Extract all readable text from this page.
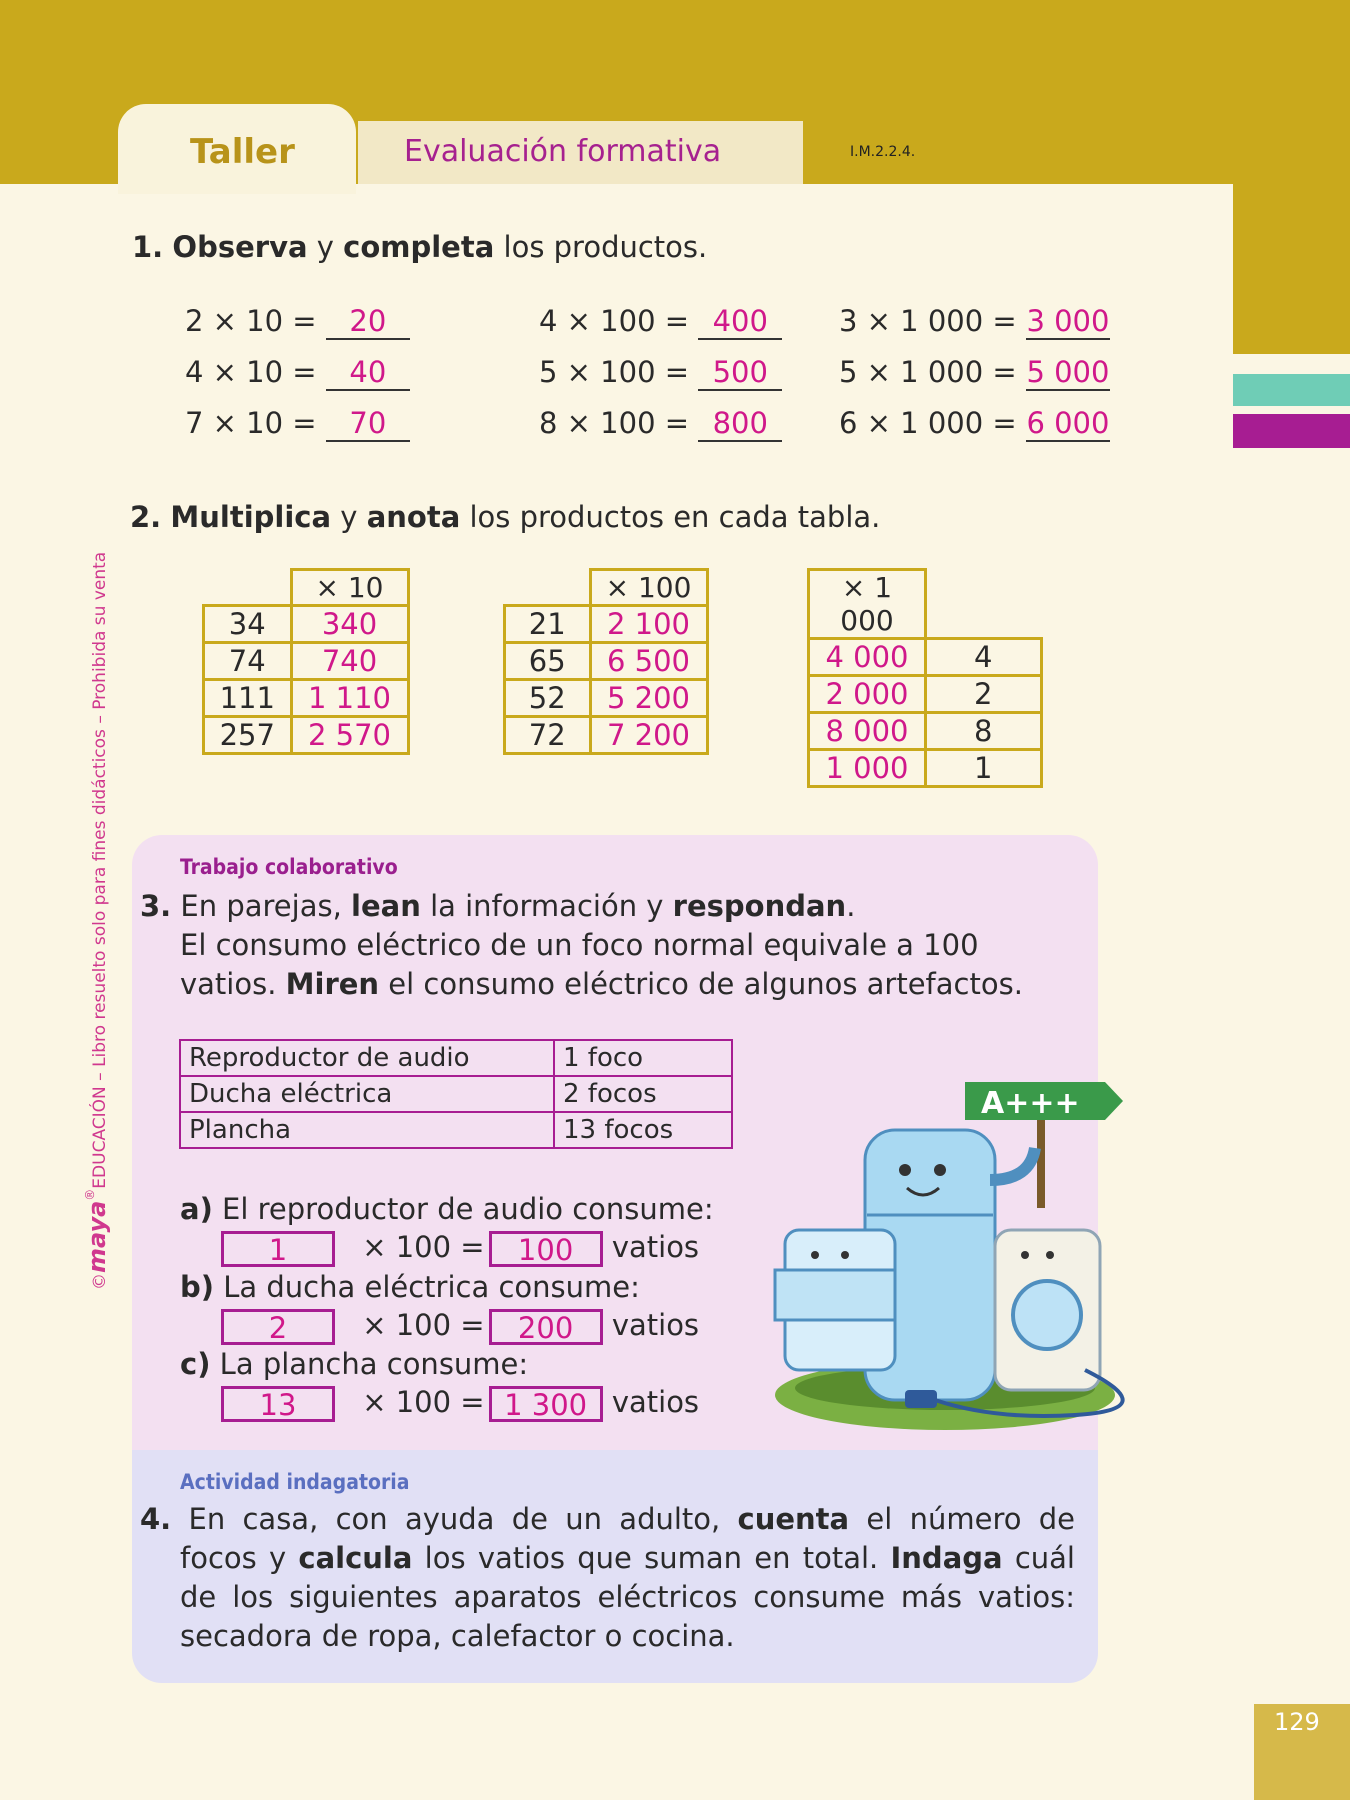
Taller	Evaluación formativa	I.M.2.2.4.
©maya®EDUCACIÓN – Libro resuelto solo para fines didácticos – Prohibida su venta
1. Observa y completa los productos.
2 × 10 = 20
4 × 10 = 40
7 × 10 = 70
4 × 100 = 400
5 × 100 = 500
8 × 100 = 800
3 × 1 000 = 3 000
5 × 1 000 = 5 000
6 × 1 000 = 6 000
2. Multiplica y anota los productos en cada tabla.
	× 10
34	340
74	740
111	1 110
257	2 570
	× 100
21	2 100
65	6 500
52	5 200
72	7 200
× 1 000	
4 000	4
2 000	2
8 000	8
1 000	1
Trabajo colaborativo
3. En parejas, lean la información y respondan.
El consumo eléctrico de un foco normal equivale a 100
vatios. Miren el consumo eléctrico de algunos artefactos.
Reproductor de audio	1 foco
Ducha eléctrica	2 focos
Plancha	13 focos
a) El reproductor de audio consume:
1	× 100 = 100 vatios
b) La ducha eléctrica consume:
2	× 100 = 200 vatios
c) La plancha consume:
13 × 100 = 1 300 vatios
A+++
Actividad indagatoria
4. En casa, con ayuda de un adulto, cuenta el número de
focos y calcula los vatios que suman en total. Indaga cuál
de los siguientes aparatos eléctricos consume más vatios:
secadora de ropa, calefactor o cocina.
129
